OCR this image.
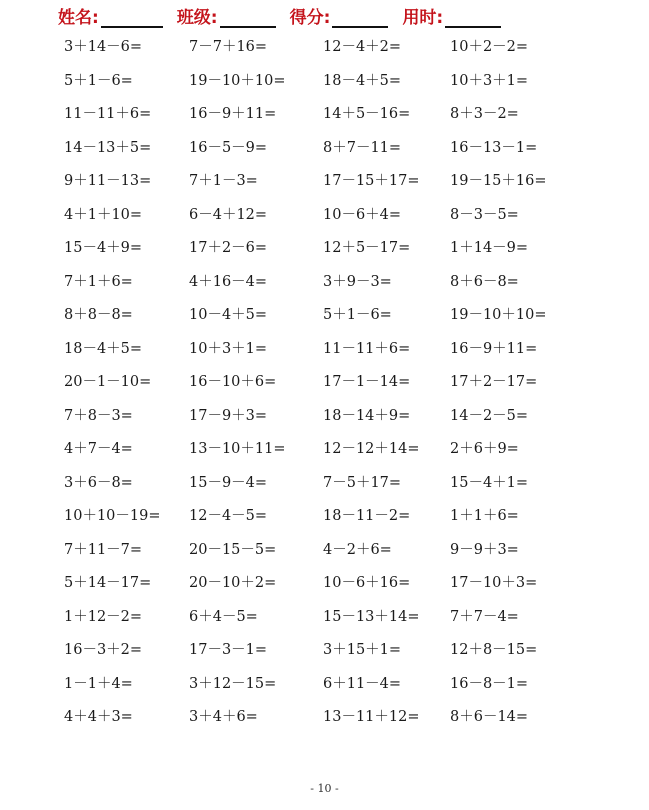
姓名:	班级:	得分:	用时:
3＋14－6=	7－7＋16=	12－4＋2=	10＋2－2=
5＋1－6=	19－10＋10=	18－4＋5=	10＋3＋1=
11－11＋6=	16－9＋11=	14＋5－16=	8＋3－2=
14－13＋5=	16－5－9=	8＋7－11=	16－13－1=
9＋11－13=	7＋1－3=	17－15＋17= 19－15＋16=
4＋1＋10=	6－4＋12=	10－6＋4=	8－3－5=
15－4＋9=	17＋2－6=	12＋5－17=	1＋14－9=
7＋1＋6=	4＋16－4=	3＋9－3=	8＋6－8=
8＋8－8=	10－4＋5=	5＋1－6=	19－10＋10=
18－4＋5=	10＋3＋1=	11－11＋6=	16－9＋11=
20－1－10=	16－10＋6=	17－1－14=	17＋2－17=
7＋8－3=	17－9＋3=	18－14＋9=	14－2－5=
4＋7－4=	13－10＋11=	12－12＋14= 2＋6＋9=
3＋6－8=	15－9－4=	7－5＋17=	15－4＋1=
10＋10－19= 12－4－5=	18－11－2=	1＋1＋6=
7＋11－7=	20－15－5=	4－2＋6=	9－9＋3=
5＋14－17=	20－10＋2=	10－6＋16=	17－10＋3=
1＋12－2=	6＋4－5=	15－13＋14= 7＋7－4=
16－3＋2=	17－3－1=	3＋15＋1=	12＋8－15=
1－1＋4=	3＋12－15=	6＋11－4=	16－8－1=
4＋4＋3=	3＋4＋6=	13－11＋12= 8＋6－14=
- 10 -
